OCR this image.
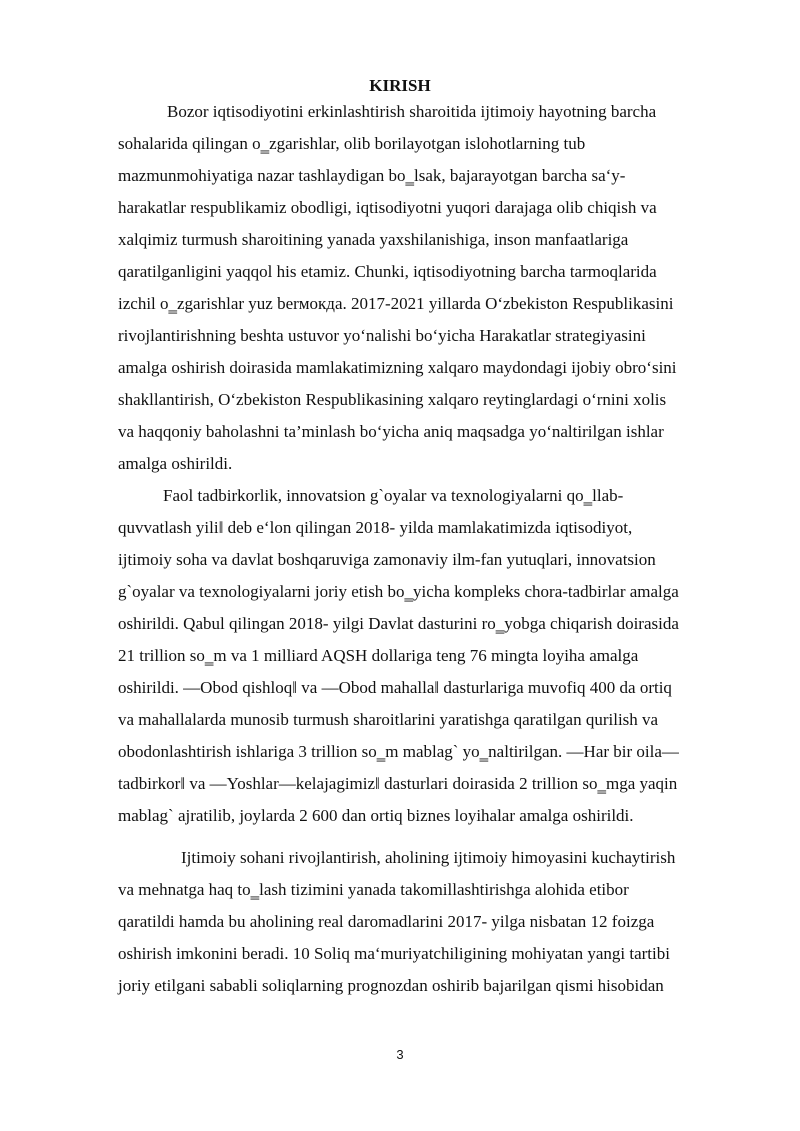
KIRISH
Bozor iqtisodiyotini erkinlashtirish sharoitida ijtimoiy hayotning barcha
sohalarida qilingan o‗zgarishlar, olib borilayotgan islohotlarning tub
mazmunmohiyatiga nazar tashlaydigan bo‗lsak, bajarayotgan barcha sa‘y-
harakatlar respublikamiz obodligi, iqtisodiyotni yuqori darajaga olib chiqish va
xalqimiz turmush sharoitining yanada yaxshilanishiga, inson manfaatlariga
qaratilganligini yaqqol his etamiz. Chunki, iqtisodiyotning barcha tarmoqlarida
izchil o‗zgarishlar yuz berмокда. 2017-2021 yillarda O‘zbekiston Respublikasini
rivojlantirishning beshta ustuvor yo‘nalishi bo‘yicha Harakatlar strategiyasini
amalga oshirish doirasida mamlakatimizning xalqaro maydondagi ijobiy obro‘sini
shakllantirish, O‘zbekiston Respublikasining xalqaro reytinglardagi o‘rnini xolis
va haqqoniy baholashni ta’minlash bo‘yicha aniq maqsadga yo‘naltirilgan ishlar
amalga oshirildi.
Faol tadbirkorlik, innovatsion g`oyalar va texnologiyalarni qo‗llab-
quvvatlash yili‖ deb e‘lon qilingan 2018- yilda mamlakatimizda iqtisodiyot,
ijtimoiy soha va davlat boshqaruviga zamonaviy ilm-fan yutuqlari, innovatsion
g`oyalar va texnologiyalarni joriy etish bo‗yicha kompleks chora-tadbirlar amalga
oshirildi. Qabul qilingan 2018- yilgi Davlat dasturini ro‗yobga chiqarish doirasida
21 trillion so‗m va 1 milliard AQSH dollariga teng 76 mingta loyiha amalga
oshirildi. ―Obod qishloq‖ va ―Obod mahalla‖ dasturlariga muvofiq 400 da ortiq
va mahallalarda munosib turmush sharoitlarini yaratishga qaratilgan qurilish va
obodonlashtirish ishlariga 3 trillion so‗m mablag` yo‗naltirilgan. ―Har bir oila—
tadbirkor‖ va ―Yoshlar—kelajagimiz‖ dasturlari doirasida 2 trillion so‗mga yaqin
mablag` ajratilib, joylarda 2 600 dan ortiq biznes loyihalar amalga oshirildi.
Ijtimoiy sohani rivojlantirish, aholining ijtimoiy himoyasini kuchaytirish
va mehnatga haq to‗lash tizimini yanada takomillashtirishga alohida etibor
qaratildi hamda bu aholining real daromadlarini 2017- yilga nisbatan 12 foizga
oshirish imkonini beradi. 10 Soliq ma‘muriyatchiligining mohiyatan yangi tartibi
joriy etilgani sababli soliqlarning prognozdan oshirib bajarilgan qismi hisobidan
3
